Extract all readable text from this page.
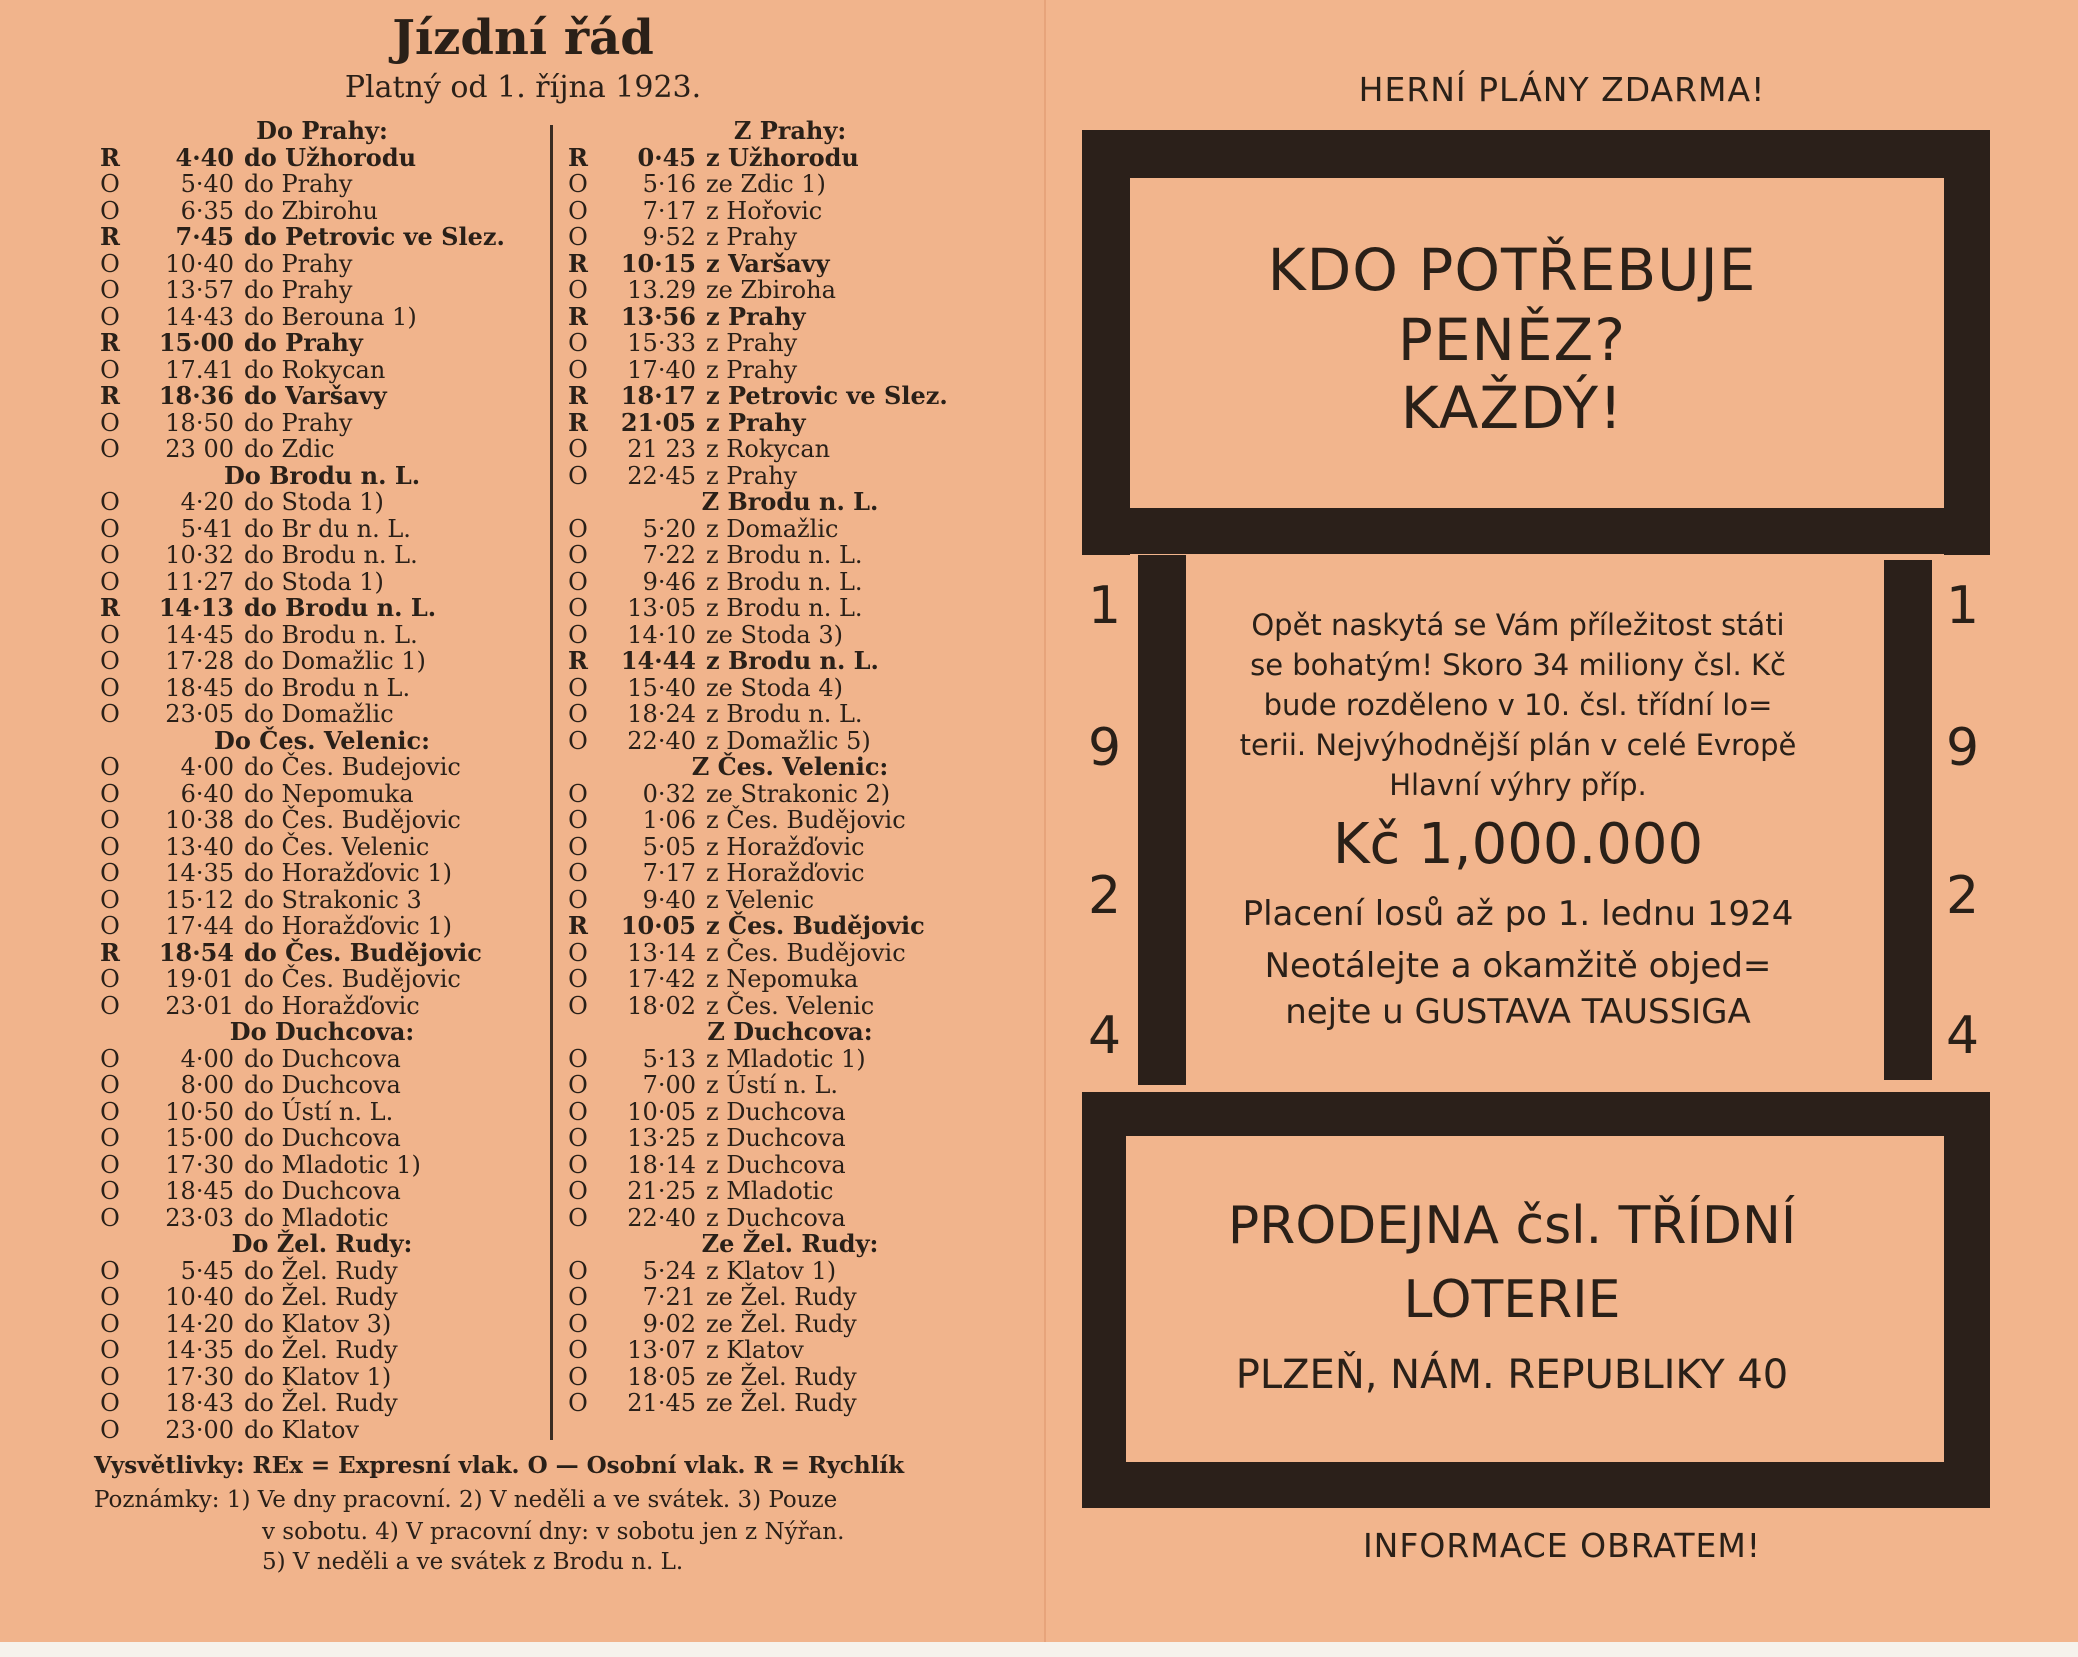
Jízdní řád
Platný od 1. října 1923.
Do Prahy:
R	4·40 do Užhorodu
O	5·40 do Prahy
O	6·35 do Zbirohu
R	7·45 do Petrovic ve Slez.
O	10·40 do Prahy
O	13·57 do Prahy
O	14·43 do Berouna 1)
R	15·00 do Prahy
O	17.41 do Rokycan
R	18·36 do Varšavy
O	18·50 do Prahy
O	23 00 do Zdic
Do Brodu n. L.
O	4·20 do Stoda 1)
O	5·41 do Br du n. L.
O	10·32 do Brodu n. L.
O	11·27 do Stoda 1)
R	14·13 do Brodu n. L.
O	14·45 do Brodu n. L.
O	17·28 do Domažlic 1)
O	18·45 do Brodu n L.
O	23·05 do Domažlic
Do Čes. Velenic:
O	4·00 do Čes. Budejovic
O	6·40 do Nepomuka
O	10·38 do Čes. Budějovic
O	13·40 do Čes. Velenic
O	14·35 do Horažďovic 1)
O	15·12 do Strakonic 3
O	17·44 do Horažďovic 1)
R	18·54 do Čes. Budějovic
O	19·01 do Čes. Budějovic
O	23·01 do Horažďovic
Do Duchcova:
O	4·00 do Duchcova
O	8·00 do Duchcova
O	10·50 do Ústí n. L.
O	15·00 do Duchcova
O	17·30 do Mladotic 1)
O	18·45 do Duchcova
O	23·03 do Mladotic
Do Žel. Rudy:
O	5·45 do Žel. Rudy
O	10·40 do Žel. Rudy
O	14·20 do Klatov 3)
O	14·35 do Žel. Rudy
O	17·30 do Klatov 1)
O	18·43 do Žel. Rudy
O	23·00 do Klatov
Z Prahy:
R	0·45 z Užhorodu
O	5·16 ze Zdic 1)
O	7·17 z Hořovic
O	9·52 z Prahy
R	10·15 z Varšavy
O	13.29 ze Zbiroha
R	13·56 z Prahy
O	15·33 z Prahy
O	17·40 z Prahy
R	18·17 z Petrovic ve Slez.
R	21·05 z Prahy
O	21 23 z Rokycan
O	22·45 z Prahy
Z Brodu n. L.
O	5·20 z Domažlic
O	7·22 z Brodu n. L.
O	9·46 z Brodu n. L.
O	13·05 z Brodu n. L.
O	14·10 ze Stoda 3)
R	14·44 z Brodu n. L.
O	15·40 ze Stoda 4)
O	18·24 z Brodu n. L.
O	22·40 z Domažlic 5)
Z Čes. Velenic:
O	0·32 ze Strakonic 2)
O	1·06 z Čes. Budějovic
O	5·05 z Horažďovic
O	7·17 z Horažďovic
O	9·40 z Velenic
R	10·05 z Čes. Budějovic
O	13·14 z Čes. Budějovic
O	17·42 z Nepomuka
O	18·02 z Čes. Velenic
Z Duchcova:
O	5·13 z Mladotic 1)
O	7·00 z Ústí n. L.
O	10·05 z Duchcova
O	13·25 z Duchcova
O	18·14 z Duchcova
O	21·25 z Mladotic
O	22·40 z Duchcova
Ze Žel. Rudy:
O	5·24 z Klatov 1)
O	7·21 ze Žel. Rudy
O	9·02 ze Žel. Rudy
O	13·07 z Klatov
O	18·05 ze Žel. Rudy
O	21·45 ze Žel. Rudy
Vysvětlivky: REx = Expresní vlak. O — Osobní vlak. R = Rychlík
Poznámky: 1) Ve dny pracovní. 2) V neděli a ve svátek. 3) Pouze
v sobotu. 4) V pracovní dny: v sobotu jen z Nýřan.
5) V neděli a ve svátek z Brodu n. L.
HERNÍ PLÁNY ZDARMA!
KDO POTŘEBUJE
PENĚZ?
KAŽDÝ!
1
9
2
4
1
9
2
4
Opět naskytá se Vám příležitost státi
se bohatým! Skoro 34 miliony čsl. Kč
bude rozděleno v 10. čsl. třídní lo=
terii. Nejvýhodnější plán v celé Evropě
Hlavní výhry příp.
Kč 1,000.000
Placení losů až po 1. lednu 1924
Neotálejte a okamžitě objed=
nejte u GUSTAVA TAUSSIGA
PRODEJNA čsl. TŘÍDNÍ
LOTERIE
PLZEŇ, NÁM. REPUBLIKY 40
INFORMACE OBRATEM!
